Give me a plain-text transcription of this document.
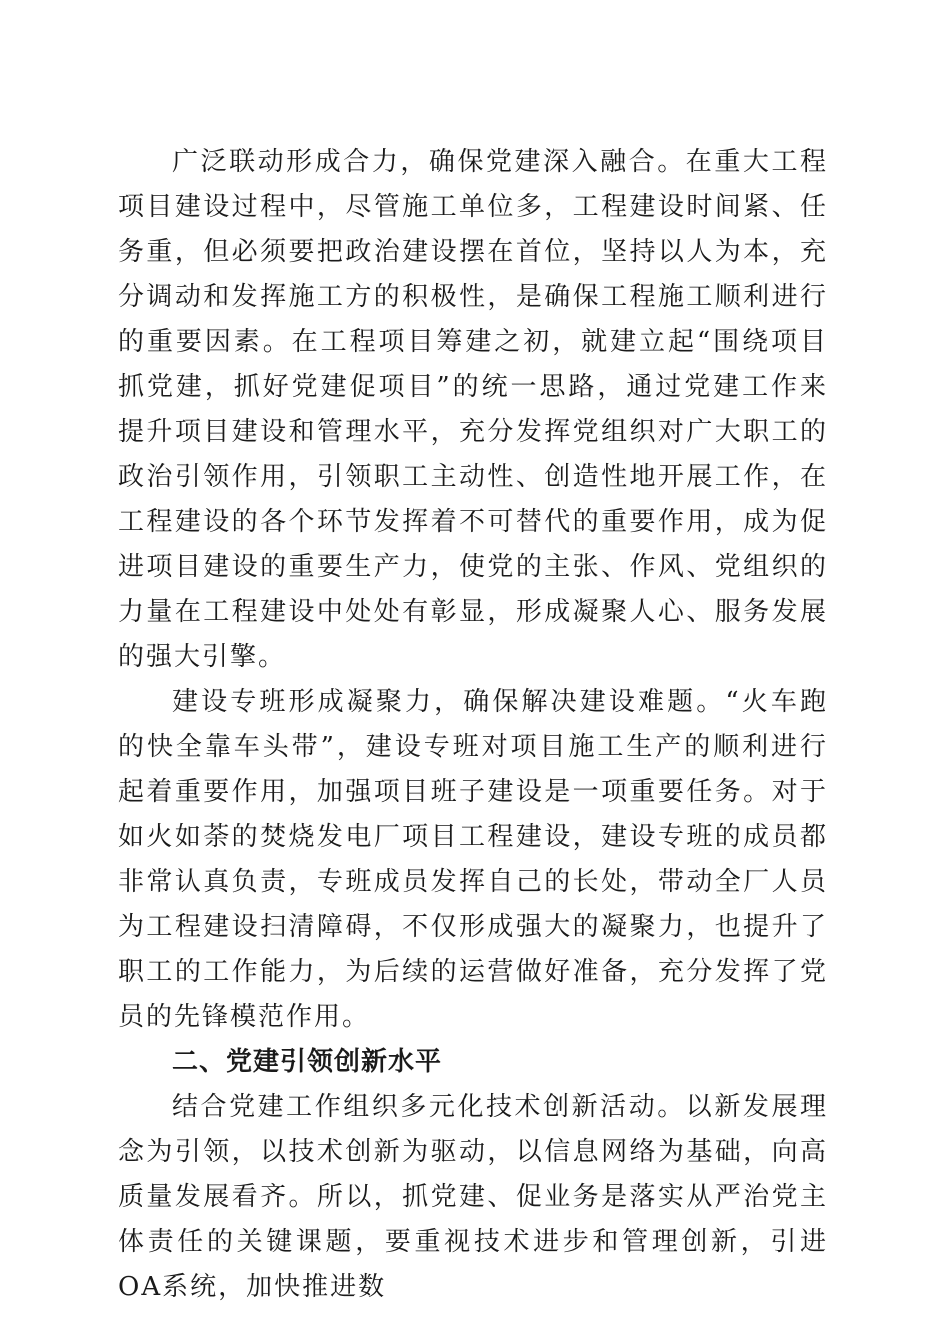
广泛联动形成合力，确保党建深入融合。在重大工程项目建设过程中，尽管施工单位多，工程建设时间紧、任务重，但必须要把政治建设摆在首位，坚持以人为本，充分调动和发挥施工方的积极性，是确保工程施工顺利进行的重要因素。在工程项目筹建之初，就建立起“围绕项目抓党建，抓好党建促项目”的统一思路，通过党建工作来提升项目建设和管理水平，充分发挥党组织对广大职工的政治引领作用，引领职工主动性、创造性地开展工作，在工程建设的各个环节发挥着不可替代的重要作用，成为促进项目建设的重要生产力，使党的主张、作风、党组织的力量在工程建设中处处有彰显，形成凝聚人心、服务发展的强大引擎。

建设专班形成凝聚力，确保解决建设难题。“火车跑的快全靠车头带”，建设专班对项目施工生产的顺利进行起着重要作用，加强项目班子建设是一项重要任务。对于如火如荼的焚烧发电厂项目工程建设，建设专班的成员都非常认真负责，专班成员发挥自己的长处，带动全厂人员为工程建设扫清障碍，不仅形成强大的凝聚力，也提升了职工的工作能力，为后续的运营做好准备，充分发挥了党员的先锋模范作用。

二、党建引领创新水平

结合党建工作组织多元化技术创新活动。以新发展理念为引领，以技术创新为驱动，以信息网络为基础，向高质量发展看齐。所以，抓党建、促业务是落实从严治党主体责任的关键课题，要重视技术进步和管理创新，引进OA系统，加快推进数
